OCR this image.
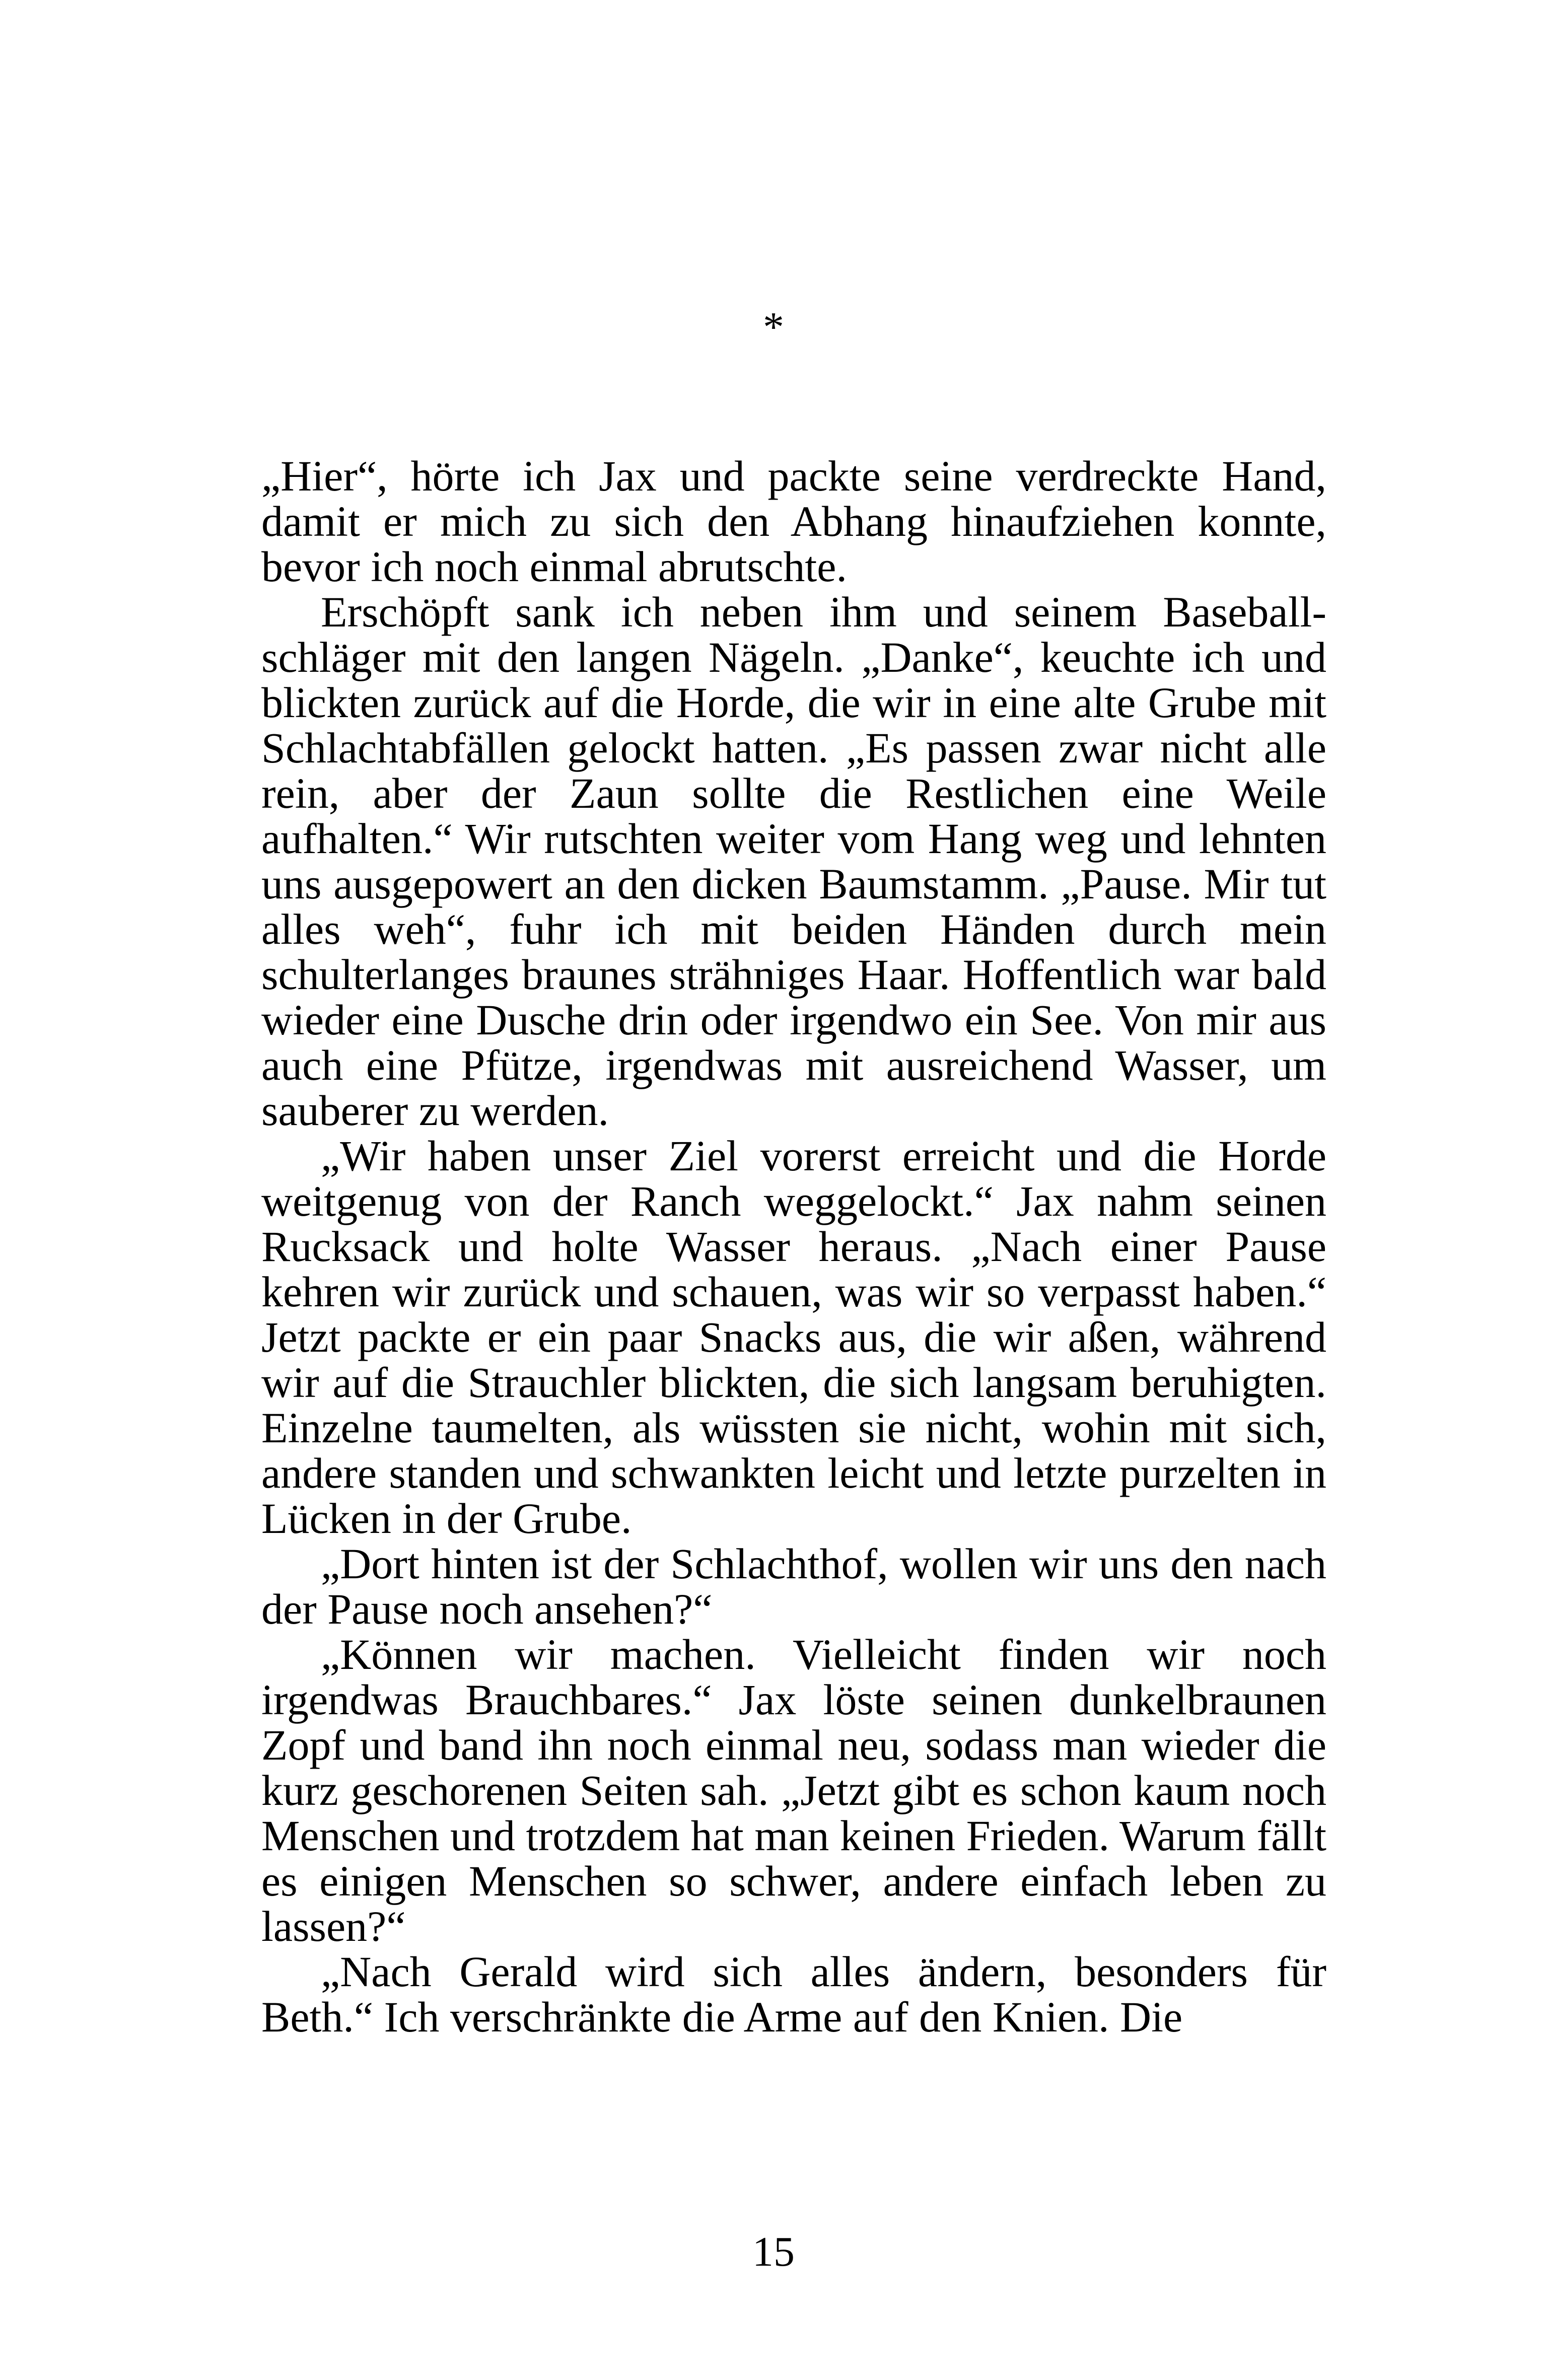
*

„Hier“, hörte ich Jax und packte seine verdreckte Hand, damit er mich zu sich den Abhang hinaufziehen konnte, bevor ich noch einmal abrutschte.

Erschöpft sank ich neben ihm und seinem Baseballschläger mit den langen Nägeln. „Danke“, keuchte ich und blickten zurück auf die Horde, die wir in eine alte Grube mit Schlachtabfällen gelockt hatten. „Es passen zwar nicht alle rein, aber der Zaun sollte die Restlichen eine Weile aufhalten.“ Wir rutschten weiter vom Hang weg und lehnten uns ausgepowert an den dicken Baumstamm. „Pause. Mir tut alles weh“, fuhr ich mit beiden Händen durch mein schulterlanges braunes strähniges Haar. Hoffentlich war bald wieder eine Dusche drin oder irgendwo ein See. Von mir aus auch eine Pfütze, irgendwas mit ausreichend Wasser, um sauberer zu werden.

„Wir haben unser Ziel vorerst erreicht und die Horde weitgenug von der Ranch weggelockt.“ Jax nahm seinen Rucksack und holte Wasser heraus. „Nach einer Pause kehren wir zurück und schauen, was wir so verpasst haben.“ Jetzt packte er ein paar Snacks aus, die wir aßen, während wir auf die Strauchler blickten, die sich langsam beruhigten. Einzelne taumelten, als wüssten sie nicht, wohin mit sich, andere standen und schwankten leicht und letzte purzelten in Lücken in der Grube.

„Dort hinten ist der Schlachthof, wollen wir uns den nach der Pause noch ansehen?“

„Können wir machen. Vielleicht finden wir noch irgendwas Brauchbares.“ Jax löste seinen dunkelbraunen Zopf und band ihn noch einmal neu, sodass man wieder die kurz geschorenen Seiten sah. „Jetzt gibt es schon kaum noch Menschen und trotzdem hat man keinen Frieden. Warum fällt es einigen Menschen so schwer, andere einfach leben zu lassen?“

„Nach Gerald wird sich alles ändern, besonders für Beth.“ Ich verschränkte die Arme auf den Knien. Die

15
